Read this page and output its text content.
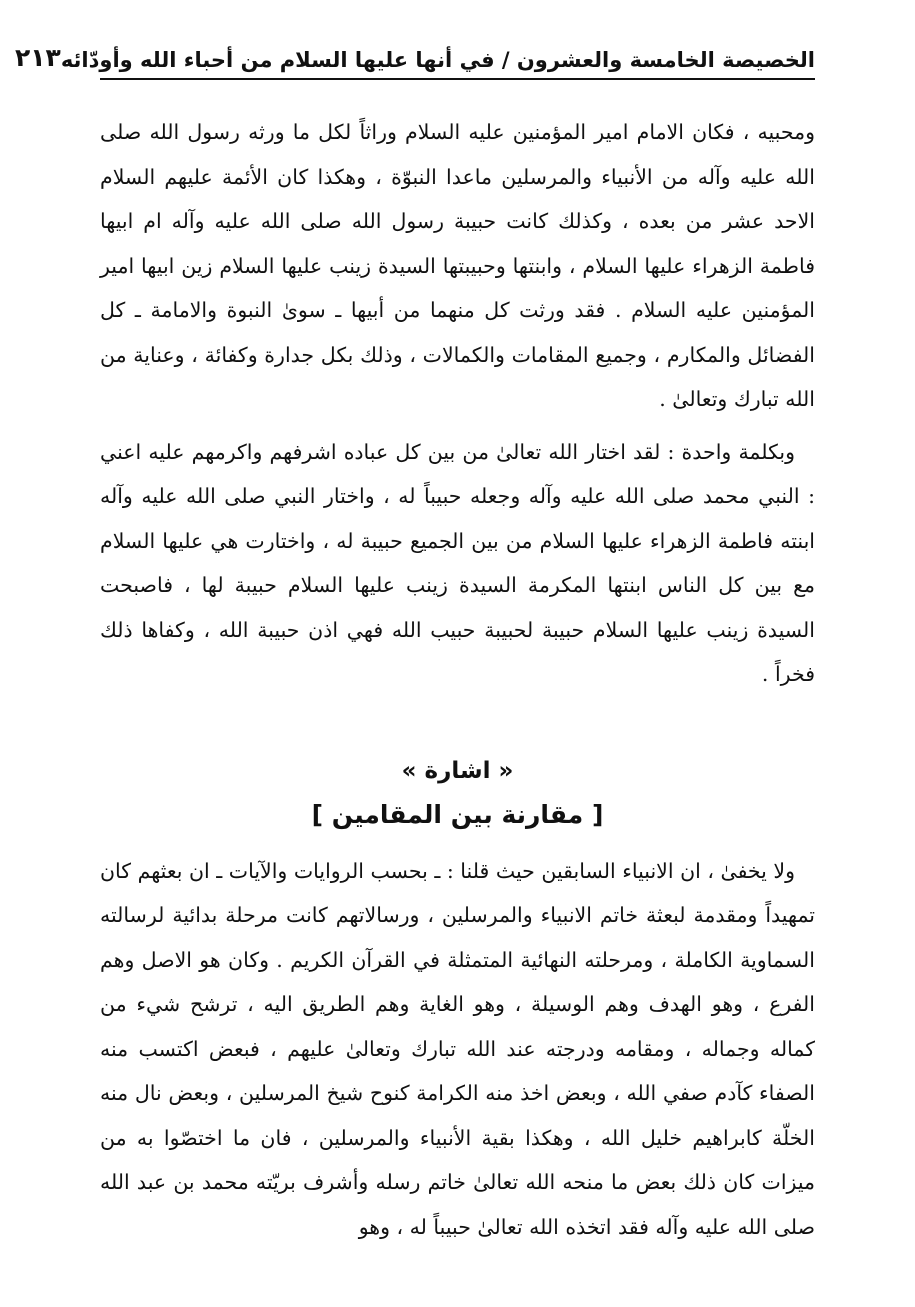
الخصيصة الخامسة والعشرون / في أنها عليها السلام من أحباء الله وأودّائه
٢١٣

ومحبيه ، فكان الامام امير المؤمنين عليه السلام وراثاً لكل ما ورثه رسول الله صلى الله عليه وآله من الأنبياء والمرسلين ماعدا النبوّة ، وهكذا كان الأئمة عليهم السلام الاحد عشر من بعده ، وكذلك كانت حبيبة رسول الله صلى الله عليه وآله ام ابيها فاطمة الزهراء عليها السلام ، وابنتها وحبيبتها السيدة زينب عليها السلام زين ابيها امير المؤمنين عليه السلام . فقد ورثت كل منهما من أبيها ـ سوىٰ النبوة والامامة ـ كل الفضائل والمكارم ، وجميع المقامات والكمالات ، وذلك بكل جدارة وكفائة ، وعناية من الله تبارك وتعالىٰ .

وبكلمة واحدة : لقد اختار الله تعالىٰ من بين كل عباده اشرفهم واكرمهم عليه اعني : النبي محمد صلى الله عليه وآله وجعله حبيباً له ، واختار النبي صلى الله عليه وآله ابنته فاطمة الزهراء عليها السلام من بين الجميع حبيبة له ، واختارت هي عليها السلام مع بين كل الناس ابنتها المكرمة السيدة زينب عليها السلام حبيبة لها ، فاصبحت السيدة زينب عليها السلام حبيبة لحبيبة حبيب الله فهي اذن حبيبة الله ، وكفاها ذلك فخراً .

« اشارة »
[ مقارنة بين المقامين ]

ولا يخفىٰ ، ان الانبياء السابقين حيث قلنا : ـ بحسب الروايات والآيات ـ ان بعثهم كان تمهيداً ومقدمة لبعثة خاتم الانبياء والمرسلين ، ورسالاتهم كانت مرحلة بدائية لرسالته السماوية الكاملة ، ومرحلته النهائية المتمثلة في القرآن الكريم . وكان هو الاصل وهم الفرع ، وهو الهدف وهم الوسيلة ، وهو الغاية وهم الطريق اليه ، ترشح شيء من كماله وجماله ، ومقامه ودرجته عند الله تبارك وتعالىٰ عليهم ، فبعض اكتسب منه الصفاء كآدم صفي الله ، وبعض اخذ منه الكرامة كنوح شيخ المرسلين ، وبعض نال منه الخلّة كابراهيم خليل الله ، وهكذا بقية الأنبياء والمرسلين ، فان ما اختصّوا به من ميزات كان ذلك بعض ما منحه الله تعالىٰ خاتم رسله وأشرف بريّته محمد بن عبد الله صلى الله عليه وآله فقد اتخذه الله تعالىٰ حبيباً له ، وهو
